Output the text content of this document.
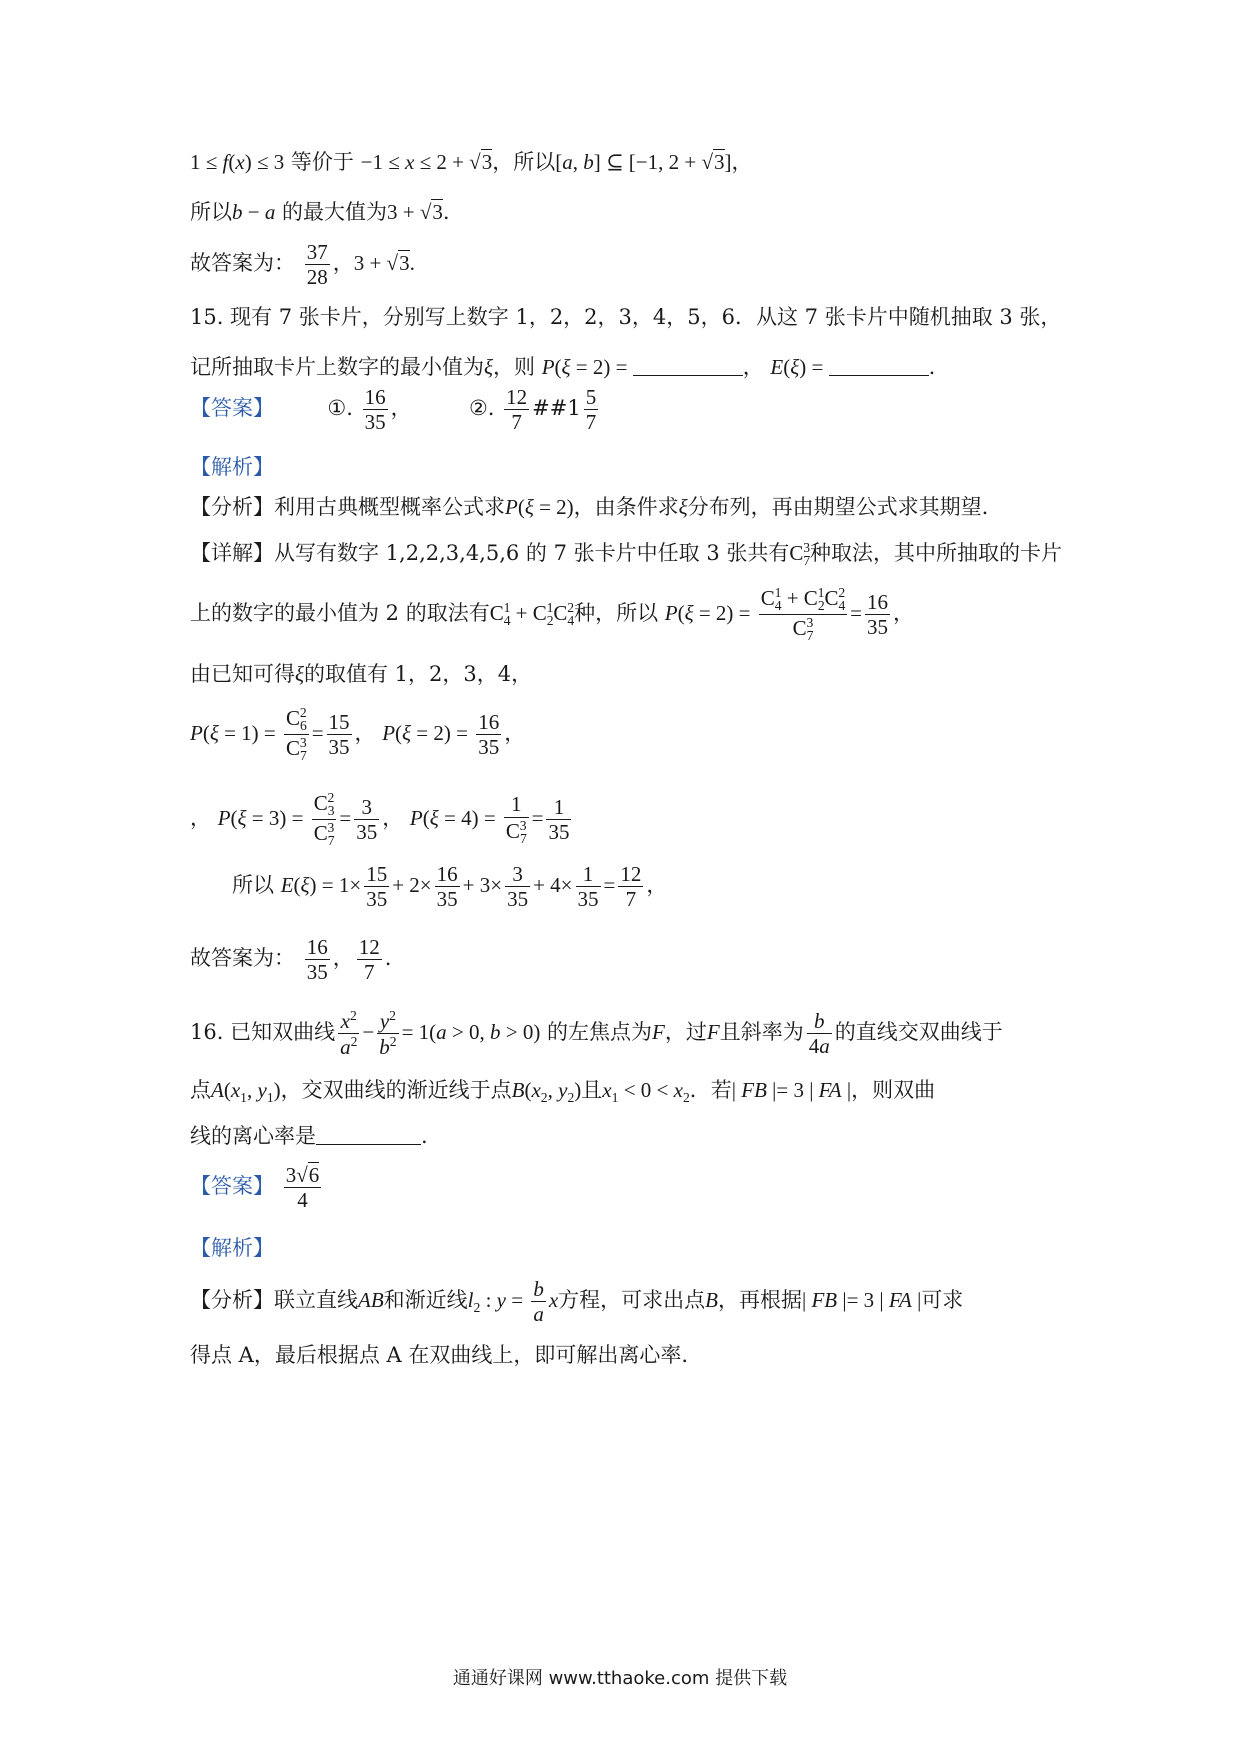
1 ≤ f(x) ≤ 3 等价于 −1 ≤ x ≤ 2 + √3，所以[a, b] ⊆ [−1, 2 + √3]，
所以b − a 的最大值为3 + √3.
故答案为： $\frac{37}{28}$ ，3 + √3.
15. 现有 7 张卡片，分别写上数字 1，2，2，3，4，5，6．从这 7 张卡片中随机抽取 3 张，
记所抽取卡片上数字的最小值为ξ，则 P(ξ = 2) =	， E(ξ) =	.
【答案】	①. $\frac{16}{35}$ ，	②. $\frac{12}{7}$ ##1 $\frac{5}{7}$
【解析】
【分析】利用古典概型概率公式求P(ξ = 2)，由条件求ξ分布列，再由期望公式求其期望.
【详解】从写有数字 1,2,2,3,4,5,6 的 7 张卡片中任取 3 张共有$C_7^3$种取法，其中所抽取的卡片
上的数字的最小值为 2 的取法有$C_4^1 + C_2^1C_4^2$种，所以 $P(\xi = 2) = \frac{C_4^1 + C_2^1C_4^2}{C_7^3} = \frac{16}{35}$ ，
由已知可得ξ的取值有 1，2，3，4，
$P(\xi = 1) = \frac{C_6^2}{C_7^3} = \frac{15}{35}$ ， $P(\xi = 2) = \frac{16}{35}$ ，
， $P(\xi = 3) = \frac{C_3^2}{C_7^3} = \frac{3}{35}$ ， $P(\xi = 4) = \frac{1}{C_7^3} = \frac{1}{35}$
所以 $E(\xi) = 1\times \frac{15}{35} + 2\times \frac{16}{35} + 3\times \frac{3}{35} + 4\times \frac{1}{35} = \frac{12}{7}$ ，
故答案为： $\frac{16}{35}$ ， $\frac{12}{7}$ .
16. 已知双曲线 $\frac{x^2}{a^2} - \frac{y^2}{b^2} = 1(a > 0$, b > 0) 的左焦点为F，过F且斜率为 $\frac{b}{4a}$ 的直线交双曲线于
点$A(x_1$, $y_1$)，交双曲线的渐近线于点$B(x_2$, $y_2$)且$x_1 < 0 < x_2$．若| FB |= 3 | FA |，则双曲
线的离心率是	.
【答案】 $\frac{3√6}{4}$
【解析】
【分析】联立直线AB和渐近线$l_2$ : $y = \frac{b}{a}$ x方程，可求出点B，再根据| FB |= 3 | FA |可求
得点 A，最后根据点 A 在双曲线上，即可解出离心率.
通通好课网 www.tthaoke.com 提供下载
